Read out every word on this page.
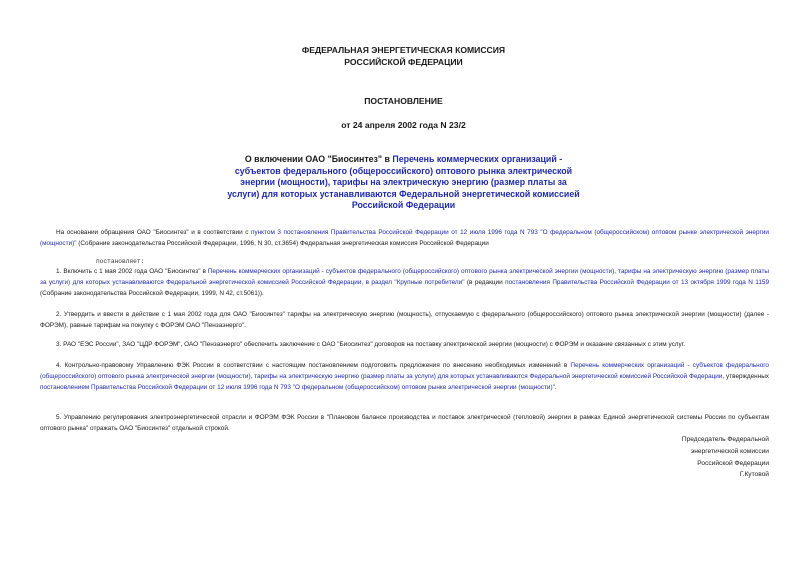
ФЕДЕРАЛЬНАЯ ЭНЕРГЕТИЧЕСКАЯ КОМИССИЯ
РОССИЙСКОЙ ФЕДЕРАЦИИ
ПОСТАНОВЛЕНИЕ
от 24 апреля 2002 года N 23/2
О включении ОАО "Биосинтез" в Перечень коммерческих организаций - субъектов федерального (общероссийского) оптового рынка электрической энергии (мощности), тарифы на электрическую энергию (размер платы за услуги) для которых устанавливаются Федеральной энергетической комиссией Российской Федерации
На основании обращения ОАО "Биосинтез" и в соответствии с пунктом 3 постановления Правительства Российской Федерации от 12 июля 1996 года N 793 "О федеральном (общероссийском) оптовом рынке электрической энергии (мощности)" (Собрание законодательства Российской Федерации, 1996, N 30, ст.3654) Федеральная энергетическая комиссия Российской Федерации
постановляет:
1. Включить с 1 мая 2002 года ОАО "Биосинтез" в Перечень коммерческих организаций - субъектов федерального (общероссийского) оптового рынка электрической энергии (мощности), тарифы на электрическую энергию (размер платы за услуги) для которых устанавливаются Федеральной энергетической комиссией Российской Федерации, в раздел "Крупные потребители" (в редакции постановления Правительства Российской Федерации от 13 октября 1999 года N 1159 (Собрание законодательства Российской Федерации, 1999, N 42, ст.5061)).
2. Утвердить и ввести в действие с 1 мая 2002 года для ОАО "Биосинтез" тарифы на электрическую энергию (мощность), отпускаемую с федерального (общероссийского) оптового рынка электрической энергии (мощности) (далее - ФОРЭМ), равные тарифам на покупку с ФОРЭМ ОАО "Пензаэнерго".
3. РАО "ЕЭС России", ЗАО "ЦДР ФОРЭМ", ОАО "Пензаэнерго" обеспечить заключение с ОАО "Биосинтез" договоров на поставку электрической энергии (мощности) с ФОРЭМ и оказание связанных с этим услуг.
4. Контрольно-правовому Управлению ФЭК России в соответствии с настоящим постановлением подготовить предложения по внесению необходимых изменений в Перечень коммерческих организаций - субъектов федерального (общероссийского) оптового рынка электрической энергии (мощности), тарифы на электрическую энергию (размер платы за услуги) для которых устанавливаются Федеральной энергетической комиссией Российской Федерации, утвержденных постановлением Правительства Российской Федерации от 12 июля 1996 года N 793 "О федеральном (общероссийском) оптовом рынке электрической энергии (мощности)".
5. Управлению регулирования электроэнергетической отрасли и ФОРЭМ ФЭК России в "Плановом балансе производства и поставок электрической (тепловой) энергии в рамках Единой энергетической системы России по субъектам оптового рынка" отражать ОАО "Биосинтез" отдельной строкой.
Председатель Федеральной
энергетической комиссии
Российской Федерации
Г.Кутовой
